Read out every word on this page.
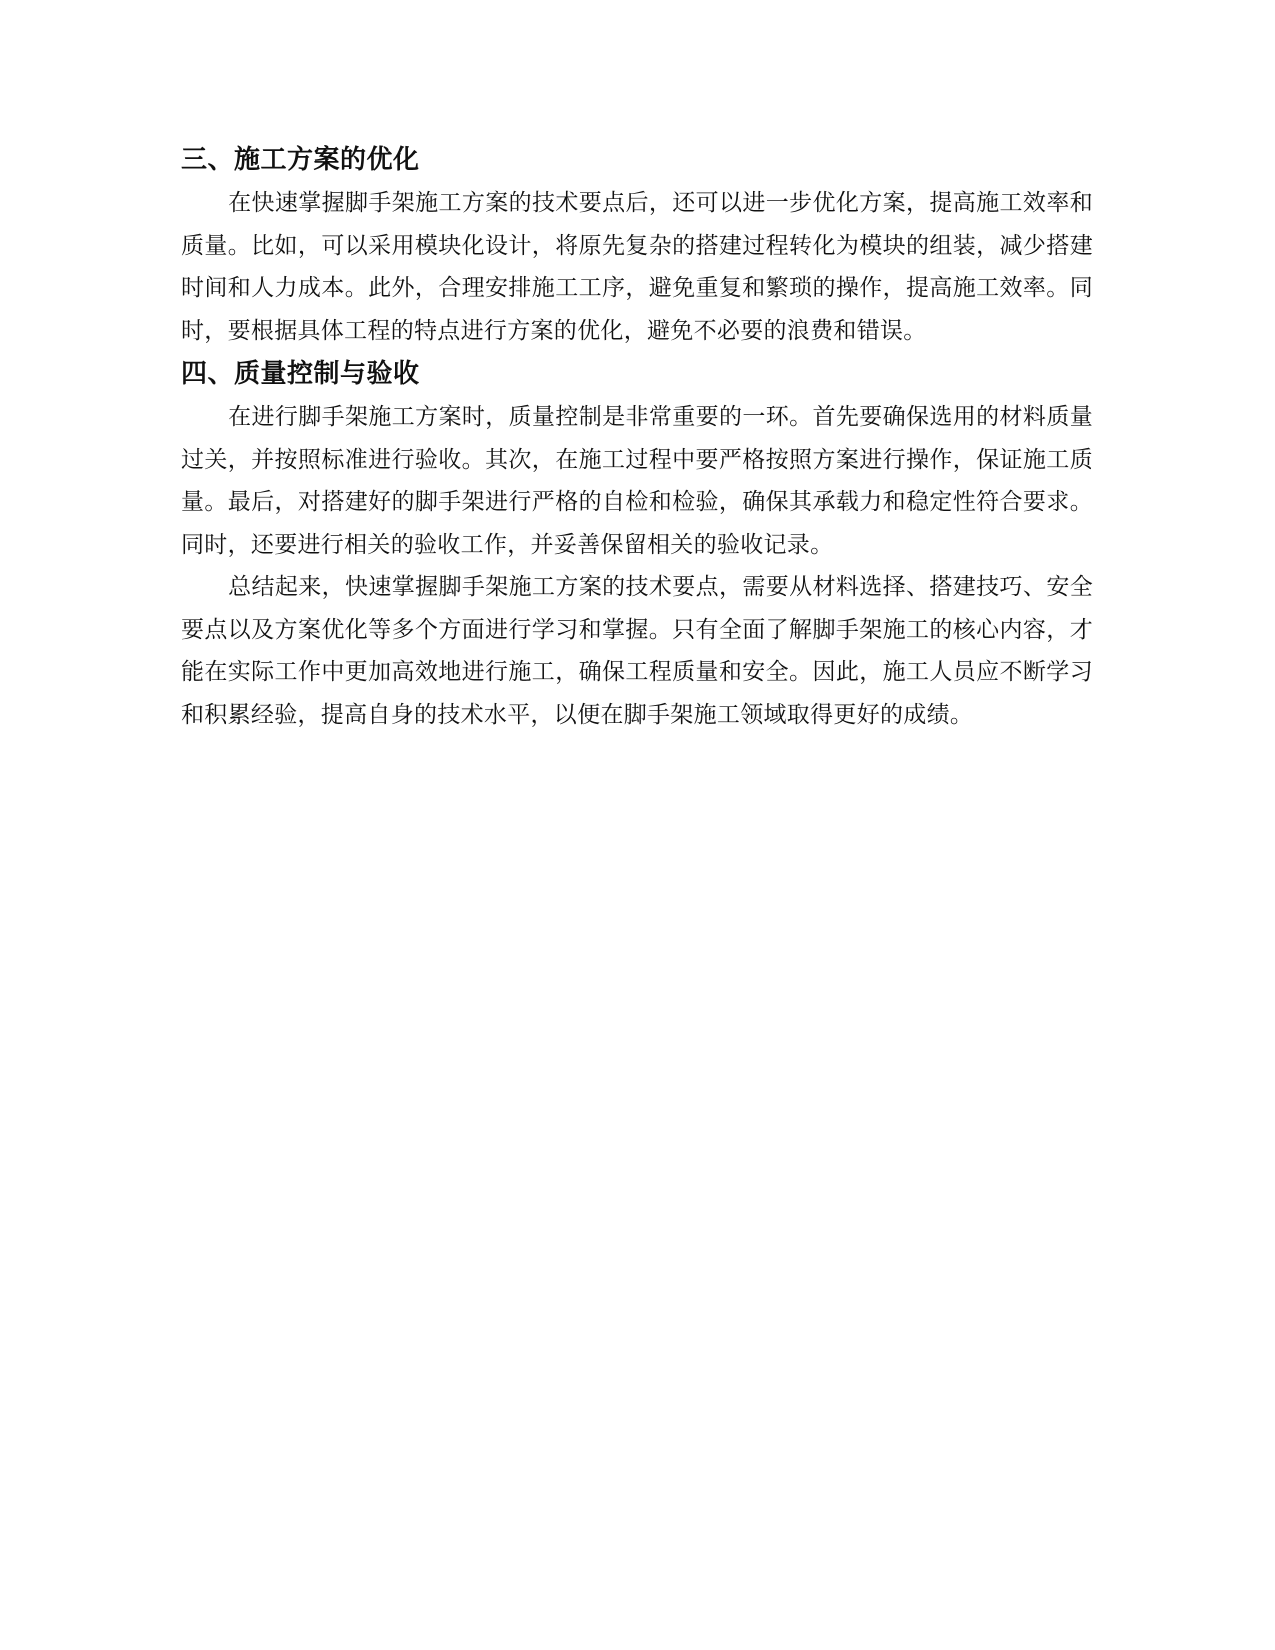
三、施工方案的优化

在快速掌握脚手架施工方案的技术要点后，还可以进一步优化方案，提高施工效率和质量。比如，可以采用模块化设计，将原先复杂的搭建过程转化为模块的组装，减少搭建时间和人力成本。此外，合理安排施工工序，避免重复和繁琐的操作，提高施工效率。同时，要根据具体工程的特点进行方案的优化，避免不必要的浪费和错误。

四、质量控制与验收

在进行脚手架施工方案时，质量控制是非常重要的一环。首先要确保选用的材料质量过关，并按照标准进行验收。其次，在施工过程中要严格按照方案进行操作，保证施工质量。最后，对搭建好的脚手架进行严格的自检和检验，确保其承载力和稳定性符合要求。同时，还要进行相关的验收工作，并妥善保留相关的验收记录。

总结起来，快速掌握脚手架施工方案的技术要点，需要从材料选择、搭建技巧、安全要点以及方案优化等多个方面进行学习和掌握。只有全面了解脚手架施工的核心内容，才能在实际工作中更加高效地进行施工，确保工程质量和安全。因此，施工人员应不断学习和积累经验，提高自身的技术水平，以便在脚手架施工领域取得更好的成绩。
